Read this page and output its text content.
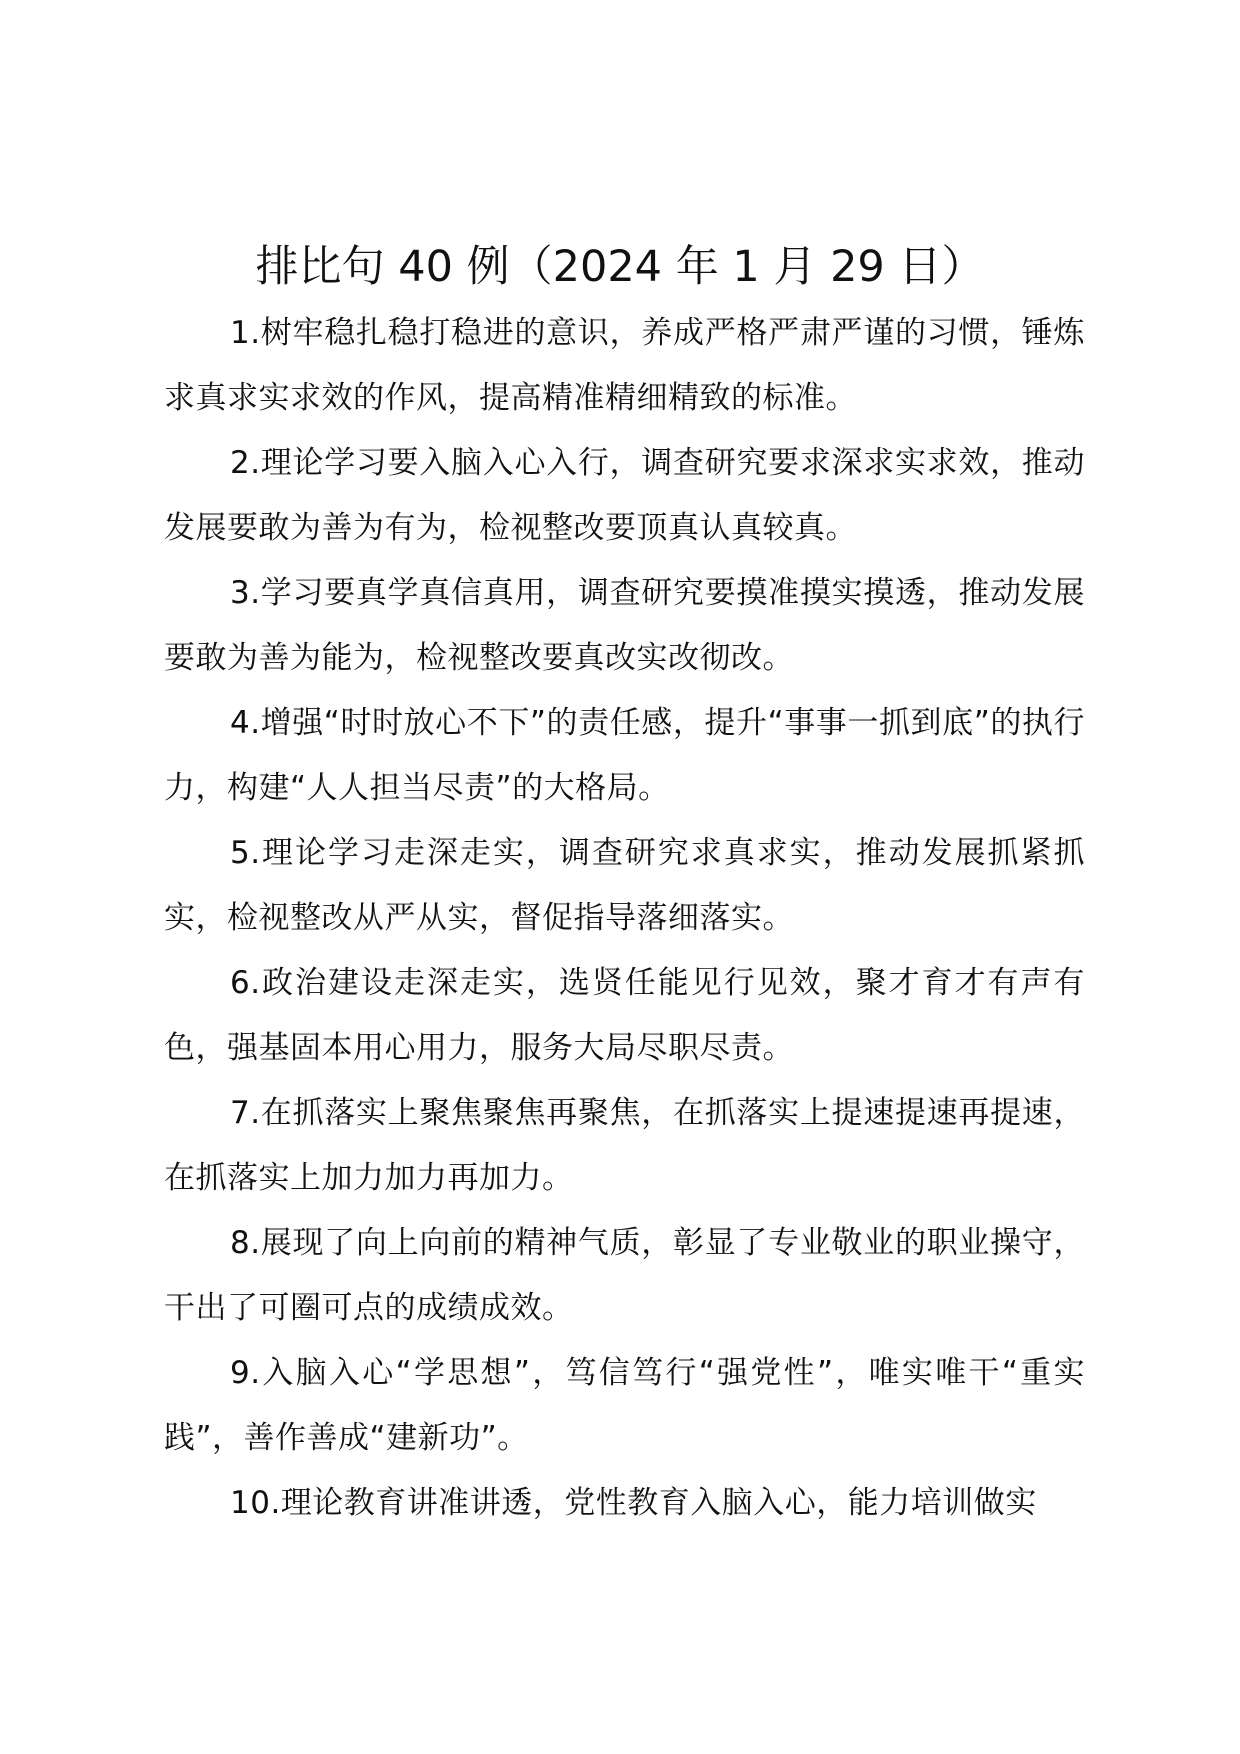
排比句 40 例（2024 年 1 月 29 日）

1.树牢稳扎稳打稳进的意识，养成严格严肃严谨的习惯，锤炼求真求实求效的作风，提高精准精细精致的标准。

2.理论学习要入脑入心入行，调查研究要求深求实求效，推动发展要敢为善为有为，检视整改要顶真认真较真。

3.学习要真学真信真用，调查研究要摸准摸实摸透，推动发展要敢为善为能为，检视整改要真改实改彻改。

4.增强“时时放心不下”的责任感，提升“事事一抓到底”的执行力，构建“人人担当尽责”的大格局。

5.理论学习走深走实，调查研究求真求实，推动发展抓紧抓实，检视整改从严从实，督促指导落细落实。

6.政治建设走深走实，选贤任能见行见效，聚才育才有声有色，强基固本用心用力，服务大局尽职尽责。

7.在抓落实上聚焦聚焦再聚焦，在抓落实上提速提速再提速，在抓落实上加力加力再加力。

8.展现了向上向前的精神气质，彰显了专业敬业的职业操守，干出了可圈可点的成绩成效。

9.入脑入心“学思想”，笃信笃行“强党性”，唯实唯干“重实践”，善作善成“建新功”。

10.理论教育讲准讲透，党性教育入脑入心，能力培训做实
